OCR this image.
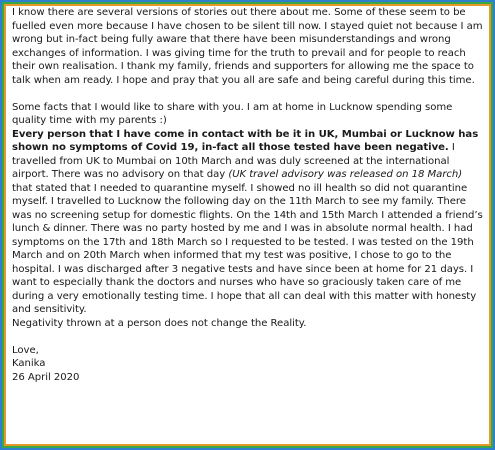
I know there are several versions of stories out there about me. Some of these seem to be fuelled even more because I have chosen to be silent till now. I stayed quiet not because I am wrong but in-fact being fully aware that there have been misunderstandings and wrong exchanges of information. I was giving time for the truth to prevail and for people to reach their own realisation. I thank my family, friends and supporters for allowing me the space to talk when am ready. I hope and pray that you all are safe and being careful during this time.

Some facts that I would like to share with you. I am at home in Lucknow spending some quality time with my parents :)

Every person that I have come in contact with be it in UK, Mumbai or Lucknow has shown no symptoms of Covid 19, in-fact all those tested have been negative. I travelled from UK to Mumbai on 10th March and was duly screened at the international airport. There was no advisory on that day (UK travel advisory was released on 18 March) that stated that I needed to quarantine myself. I showed no ill health so did not quarantine myself. I travelled to Lucknow the following day on the 11th March to see my family. There was no screening setup for domestic flights. On the 14th and 15th March I attended a friend’s lunch & dinner. There was no party hosted by me and I was in absolute normal health. I had symptoms on the 17th and 18th March so I requested to be tested. I was tested on the 19th March and on 20th March when informed that my test was positive, I chose to go to the hospital. I was discharged after 3 negative tests and have since been at home for 21 days. I want to especially thank the doctors and nurses who have so graciously taken care of me during a very emotionally testing time. I hope that all can deal with this matter with honesty and sensitivity.

Negativity thrown at a person does not change the Reality.

Love,

Kanika

26 April 2020
